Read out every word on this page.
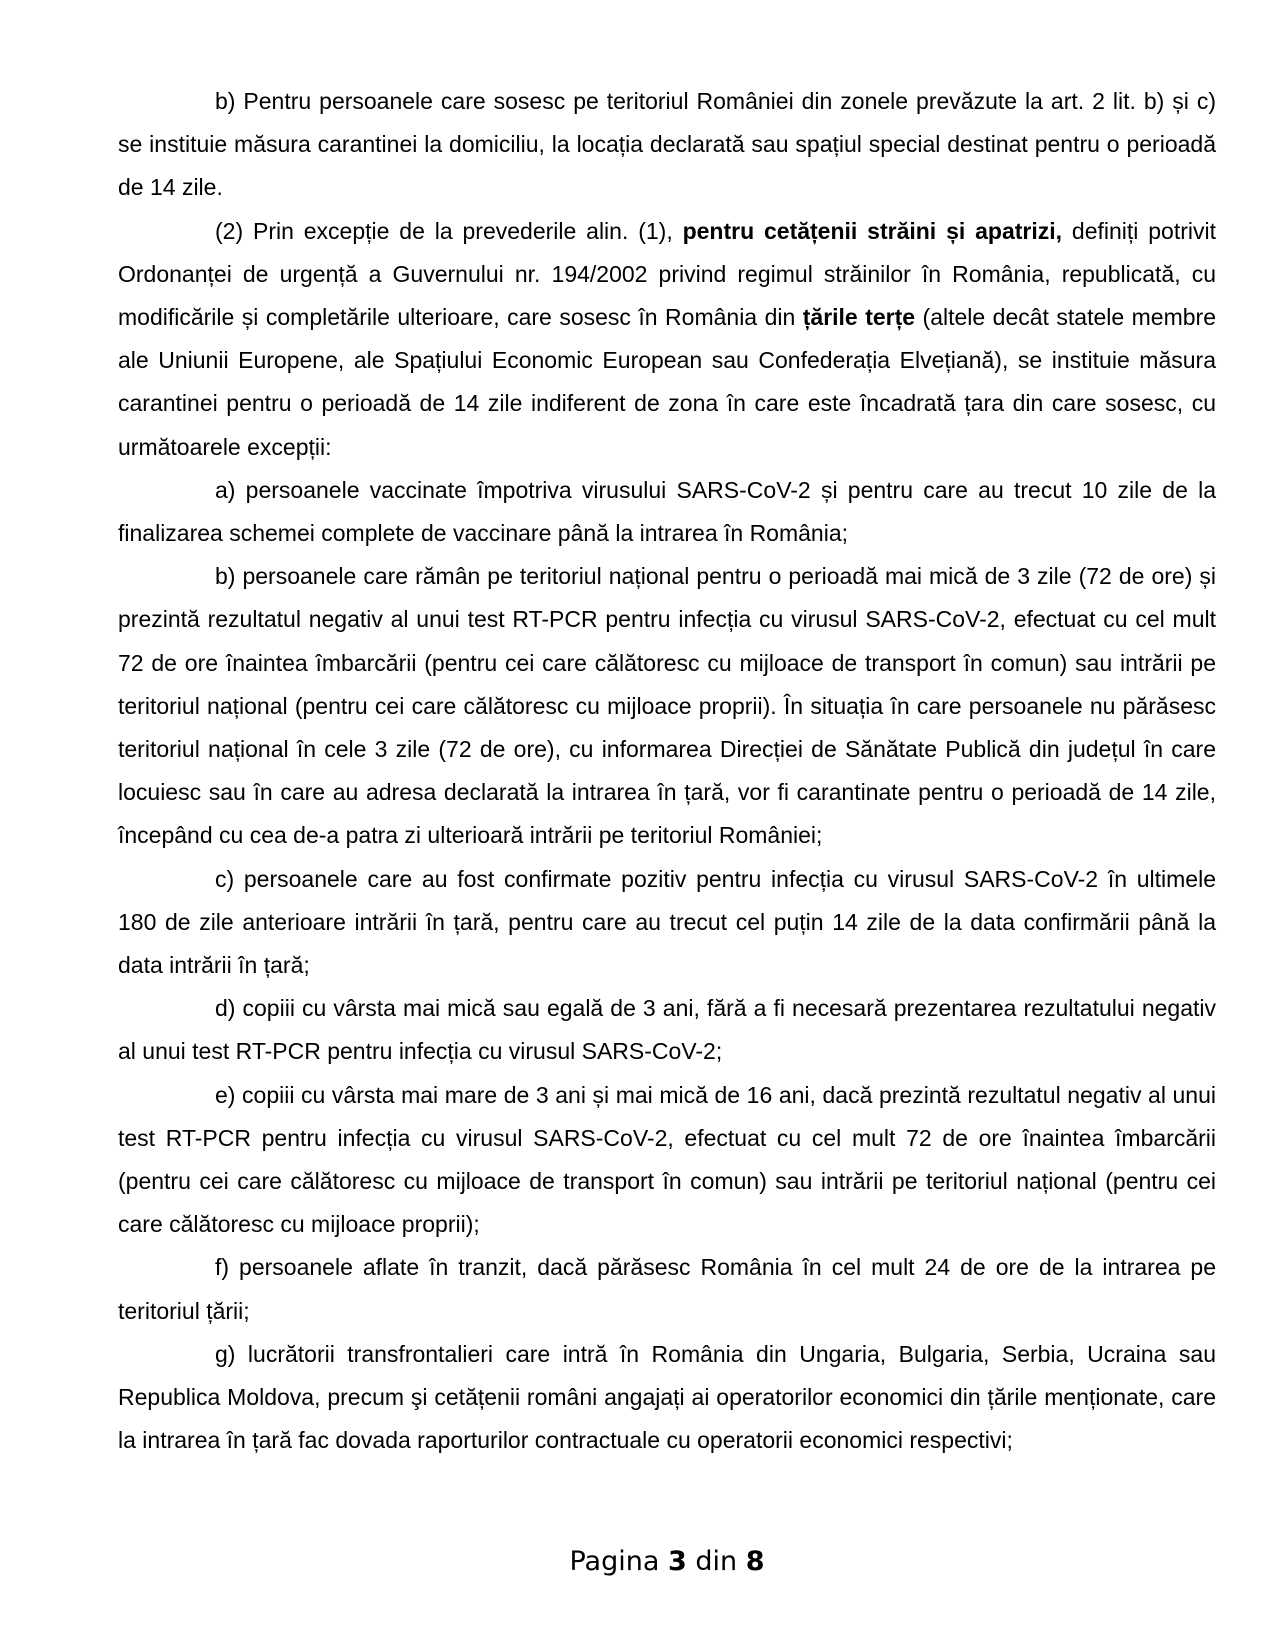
b) Pentru persoanele care sosesc pe teritoriul României din zonele prevăzute la art. 2 lit. b) și c) se instituie măsura carantinei la domiciliu, la locația declarată sau spațiul special destinat pentru o perioadă de 14 zile.

(2) Prin excepție de la prevederile alin. (1), pentru cetățenii străini și apatrizi, definiți potrivit Ordonanței de urgență a Guvernului nr. 194/2002 privind regimul străinilor în România, republicată, cu modificările și completările ulterioare, care sosesc în România din țările terțe (altele decât statele membre ale Uniunii Europene, ale Spațiului Economic European sau Confederația Elvețiană), se instituie măsura carantinei pentru o perioadă de 14 zile indiferent de zona în care este încadrată țara din care sosesc, cu următoarele excepții:

a) persoanele vaccinate împotriva virusului SARS-CoV-2 și pentru care au trecut 10 zile de la finalizarea schemei complete de vaccinare până la intrarea în România;

b) persoanele care rămân pe teritoriul național pentru o perioadă mai mică de 3 zile (72 de ore) și prezintă rezultatul negativ al unui test RT-PCR pentru infecția cu virusul SARS-CoV-2, efectuat cu cel mult 72 de ore înaintea îmbarcării (pentru cei care călătoresc cu mijloace de transport în comun) sau intrării pe teritoriul național (pentru cei care călătoresc cu mijloace proprii). În situația în care persoanele nu părăsesc teritoriul național în cele 3 zile (72 de ore), cu informarea Direcției de Sănătate Publică din județul în care locuiesc sau în care au adresa declarată la intrarea în țară, vor fi carantinate pentru o perioadă de 14 zile, începând cu cea de-a patra zi ulterioară intrării pe teritoriul României;

c) persoanele care au fost confirmate pozitiv pentru infecția cu virusul SARS-CoV-2 în ultimele 180 de zile anterioare intrării în țară, pentru care au trecut cel puțin 14 zile de la data confirmării până la data intrării în țară;

d) copiii cu vârsta mai mică sau egală de 3 ani, fără a fi necesară prezentarea rezultatului negativ al unui test RT-PCR pentru infecția cu virusul SARS-CoV-2;

e) copiii cu vârsta mai mare de 3 ani și mai mică de 16 ani, dacă prezintă rezultatul negativ al unui test RT-PCR pentru infecția cu virusul SARS-CoV-2, efectuat cu cel mult 72 de ore înaintea îmbarcării (pentru cei care călătoresc cu mijloace de transport în comun) sau intrării pe teritoriul național (pentru cei care călătoresc cu mijloace proprii);

f) persoanele aflate în tranzit, dacă părăsesc România în cel mult 24 de ore de la intrarea pe teritoriul țării;

g) lucrătorii transfrontalieri care intră în România din Ungaria, Bulgaria, Serbia, Ucraina sau Republica Moldova, precum şi cetățenii români angajați ai operatorilor economici din țările menționate, care la intrarea în țară fac dovada raporturilor contractuale cu operatorii economici respectivi;

Pagina 3 din 8
